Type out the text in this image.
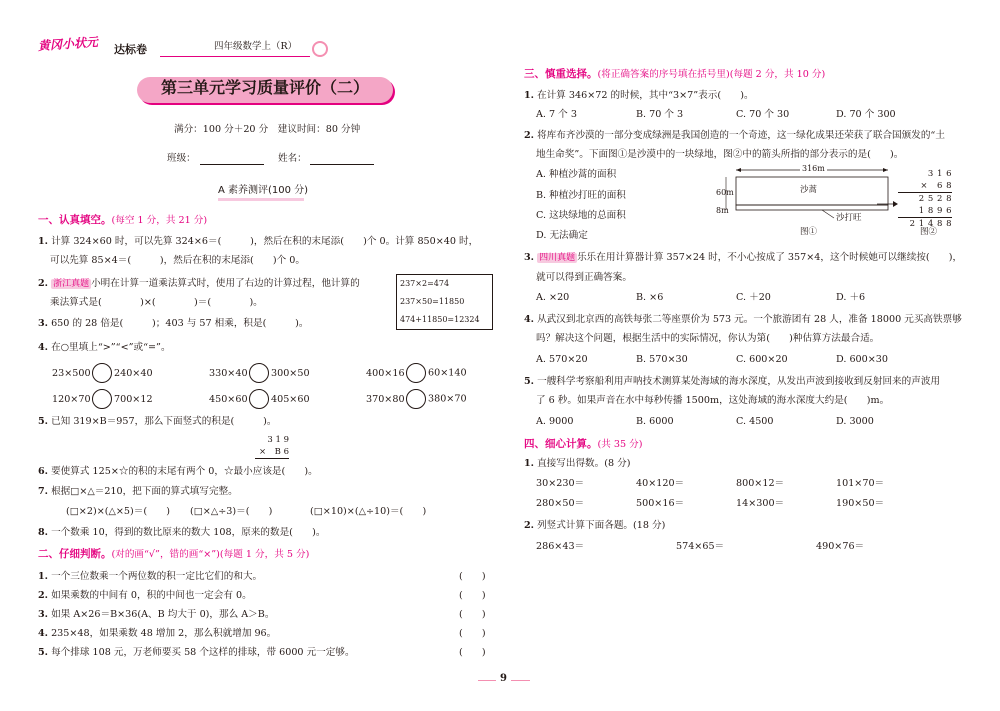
黄冈小状元 达标卷	四年级数学上（R）
第三单元学习质量评价（二）
满分：100 分＋20 分　建议时间：80 分钟
班级：	姓名：
A 素养测评(100 分)
一、认真填空。(每空 1 分，共 21 分)
1. 计算 324×60 时，可以先算 324×6＝(　　　)，然后在积的末尾添(　　)个 0。计算 850×40 时，
可以先算 85×4＝(　　　)，然后在积的末尾添(　　)个 0。
2. 浙江真题 小明在计算一道乘法算式时，使用了右边的计算过程，他计算的
乘法算式是(　　　　)×(　　　　)＝(　　　　)。
237×2=474
237×50=11850
474+11850=12324
3. 650 的 28 倍是(　　　)；403 与 57 相乘，积是(　　　)。
4. 在○里填上“>”“<”或“=”。
23×500 240×40	330×40 300×50	400×16 60×140
120×70 700×12	450×60 405×60	370×80 380×70
5. 已知 319×B＝957，那么下面竖式的积是(　　　)。
3 1 9
×　B 6
6. 要使算式 125×☆的积的末尾有两个 0，☆最小应该是(　　)。
7. 根据□×△＝210，把下面的算式填写完整。
(□×2)×(△×5)＝(　　) (□×△÷3)＝(　　)	(□×10)×(△÷10)＝(　　)
8. 一个数乘 10，得到的数比原来的数大 108，原来的数是(　　)。
二、仔细判断。(对的画“√”，错的画“×”)(每题 1 分，共 5 分)
1. 一个三位数乘一个两位数的积一定比它们的和大。	(　　)
2. 如果乘数的中间有 0，积的中间也一定会有 0。	(　　)
3. 如果 A×26＝B×36(A、B 均大于 0)，那么 A＞B。	(　　)
4. 235×48，如果乘数 48 增加 2，那么积就增加 96。	(　　)
5. 每个排球 108 元，万老师要买 58 个这样的排球，带 6000 元一定够。	(　　)
三、慎重选择。(将正确答案的序号填在括号里)(每题 2 分，共 10 分)
1. 在计算 346×72 的时候，其中“3×7”表示(　　)。
A. 7 个 3	B. 70 个 3	C. 70 个 30	D. 70 个 300
2. 将库布齐沙漠的一部分变成绿洲是我国创造的一个奇迹，这一绿化成果还荣获了联合国颁发的“土
地生命奖”。下面图①是沙漠中的一块绿地，图②中的箭头所指的部分表示的是(　　)。
A. 种植沙蒿的面积
B. 种植沙打旺的面积
C. 这块绿地的总面积
D. 无法确定
316m
60m
8m
沙蒿
沙打旺
图①
3 1 6
×　6 8
2 5 2 8
1 8 9 6
2 1 4 8 8
图②
3. 四川真题 乐乐在用计算器计算 357×24 时，不小心按成了 357×4，这个时候她可以继续按(　　)，
就可以得到正确答案。
A. ×20	B. ×6	C. ＋20	D. ＋6
4. 从武汉到北京西的高铁每张二等座票价为 573 元。一个旅游团有 28 人，准备 18000 元买高铁票够
吗？解决这个问题，根据生活中的实际情况，你认为第(　　)种估算方法最合适。
A. 570×20	B. 570×30	C. 600×20	D. 600×30
5. 一艘科学考察船利用声呐技术测算某处海域的海水深度，从发出声波到接收到反射回来的声波用
了 6 秒。如果声音在水中每秒传播 1500m，这处海域的海水深度大约是(　　)m。
A. 9000	B. 6000	C. 4500	D. 3000
四、细心计算。(共 35 分)
1. 直接写出得数。(8 分)
30×230＝	40×120＝	800×12＝	101×70＝
280×50＝	500×16＝	14×300＝	190×50＝
2. 列竖式计算下面各题。(18 分)
286×43＝	574×65＝	490×76＝
9
